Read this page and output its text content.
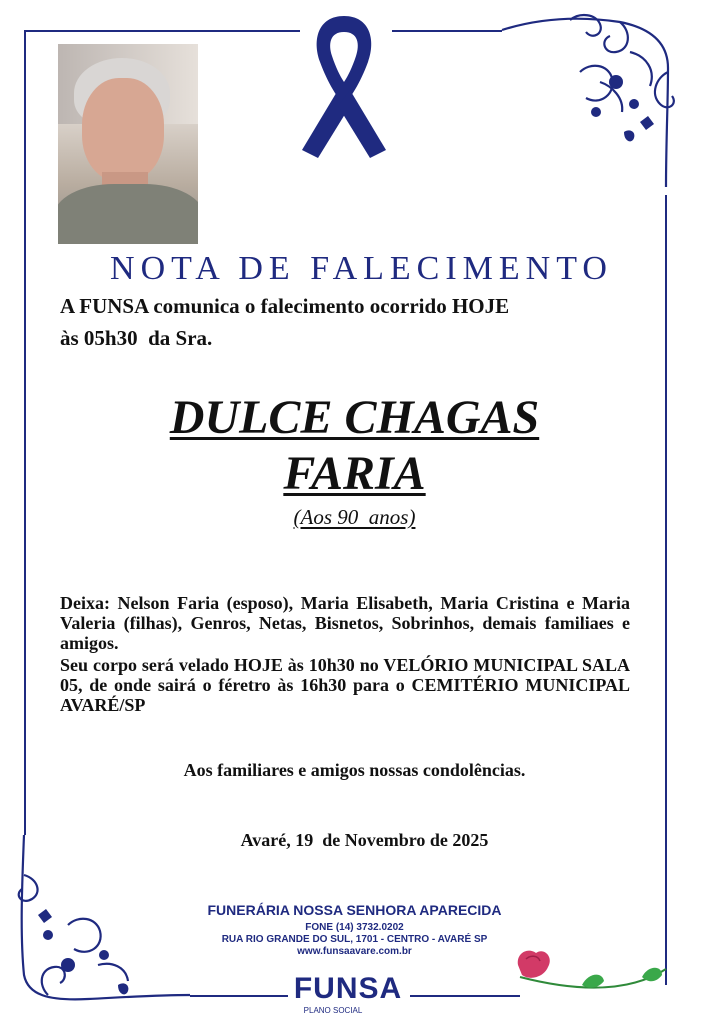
NOTA DE FALECIMENTO
A FUNSA comunica o falecimento ocorrido HOJE
às 05h30  da Sra.
DULCE CHAGAS
FARIA
(Aos 90  anos)

Deixa: Nelson Faria (esposo), Maria Elisabeth, Maria Cristina e Maria Valeria (filhas), Genros, Netas, Bisnetos, Sobrinhos, demais familiaes e amigos.

Seu corpo será velado HOJE às 10h30 no VELÓRIO MUNICIPAL SALA 05, de onde sairá o féretro às 16h30 para o CEMITÉRIO MUNICIPAL AVARÉ/SP

Aos familiares e amigos nossas condolências.
Avaré, 19  de Novembro de 2025
FUNERÁRIA NOSSA SENHORA APARECIDA
FONE (14) 3732.0202
RUA RIO GRANDE DO SUL, 1701 - CENTRO - AVARÉ SP
www.funsaavare.com.br
FUNSA
PLANO SOCIAL
